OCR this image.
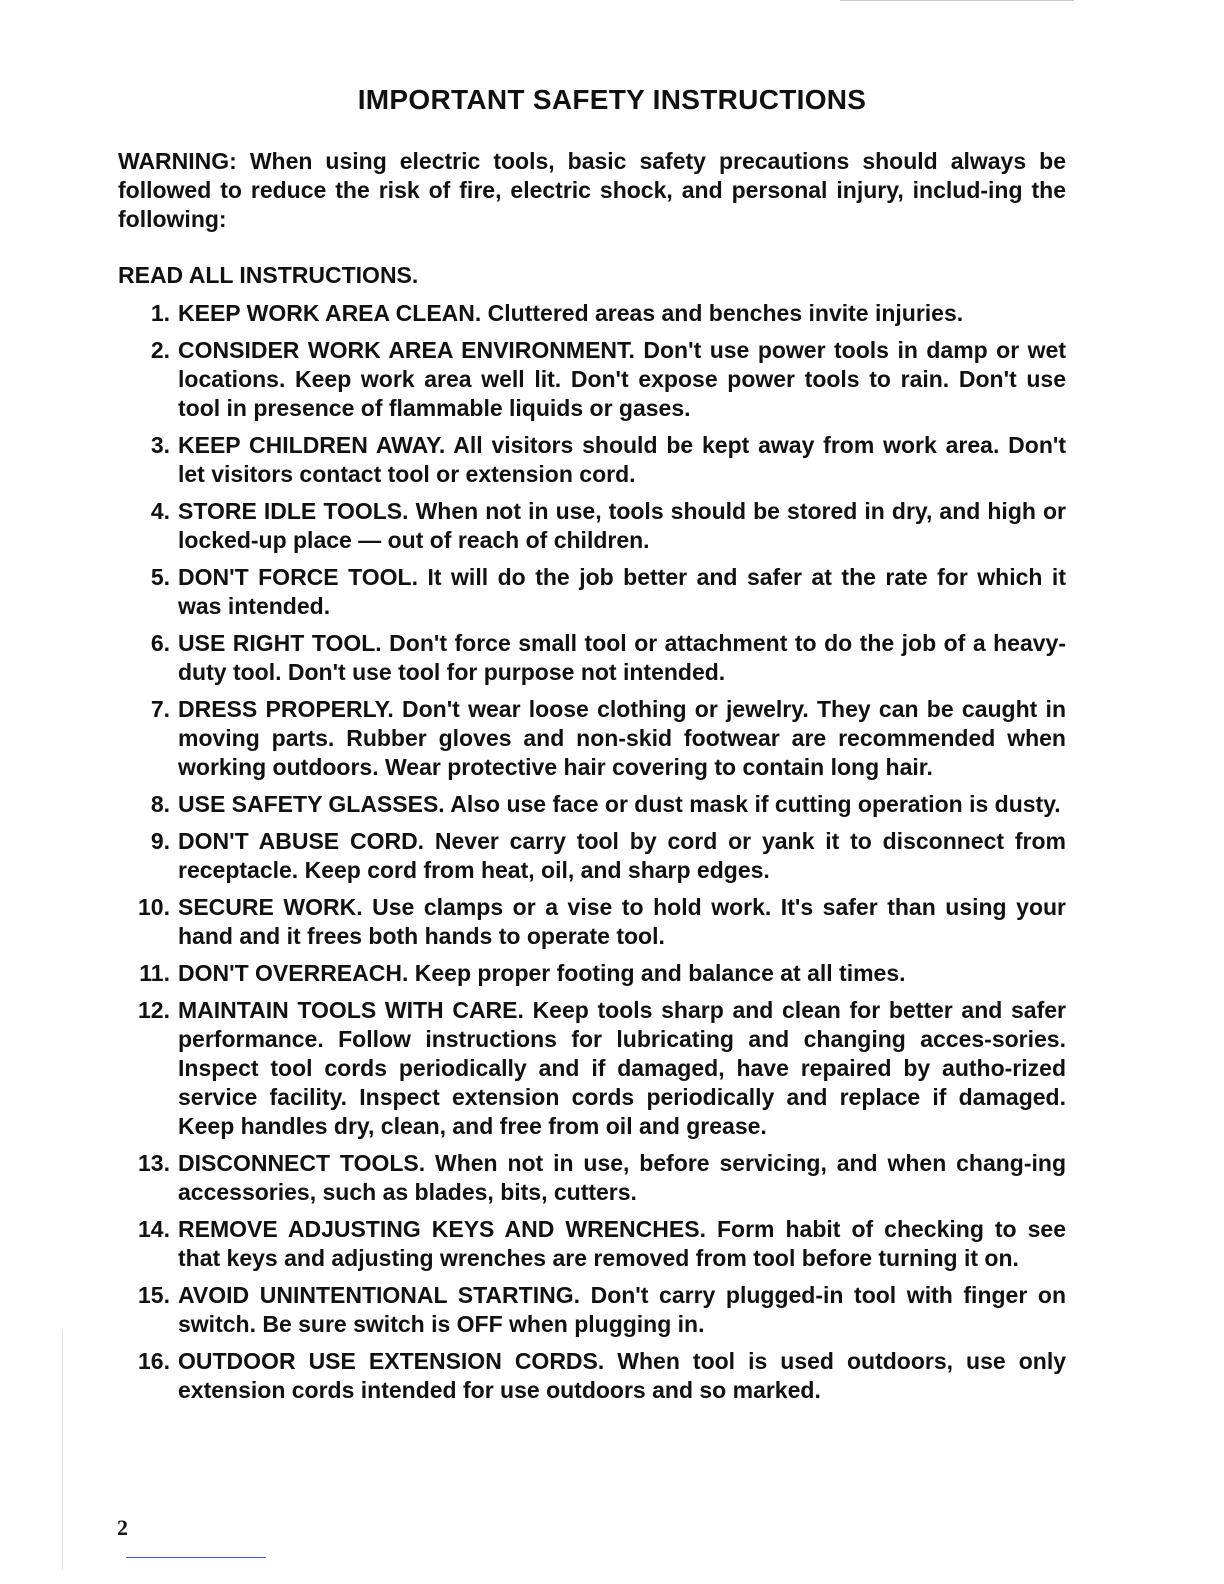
IMPORTANT SAFETY INSTRUCTIONS
WARNING: When using electric tools, basic safety precautions should always be followed to reduce the risk of fire, electric shock, and personal injury, includ-ing the following:
READ ALL INSTRUCTIONS.
1. KEEP WORK AREA CLEAN. Cluttered areas and benches invite injuries.
2. CONSIDER WORK AREA ENVIRONMENT. Don't use power tools in damp or wet locations. Keep work area well lit. Don't expose power tools to rain. Don't use tool in presence of flammable liquids or gases.
3. KEEP CHILDREN AWAY. All visitors should be kept away from work area. Don't let visitors contact tool or extension cord.
4. STORE IDLE TOOLS. When not in use, tools should be stored in dry, and high or locked-up place — out of reach of children.
5. DON'T FORCE TOOL. It will do the job better and safer at the rate for which it was intended.
6. USE RIGHT TOOL. Don't force small tool or attachment to do the job of a heavy-duty tool. Don't use tool for purpose not intended.
7. DRESS PROPERLY. Don't wear loose clothing or jewelry. They can be caught in moving parts. Rubber gloves and non-skid footwear are recommended when working outdoors. Wear protective hair covering to contain long hair.
8. USE SAFETY GLASSES. Also use face or dust mask if cutting operation is dusty.
9. DON'T ABUSE CORD. Never carry tool by cord or yank it to disconnect from receptacle. Keep cord from heat, oil, and sharp edges.
10. SECURE WORK. Use clamps or a vise to hold work. It's safer than using your hand and it frees both hands to operate tool.
11. DON'T OVERREACH. Keep proper footing and balance at all times.
12. MAINTAIN TOOLS WITH CARE. Keep tools sharp and clean for better and safer performance. Follow instructions for lubricating and changing acces-sories. Inspect tool cords periodically and if damaged, have repaired by autho-rized service facility. Inspect extension cords periodically and replace if damaged. Keep handles dry, clean, and free from oil and grease.
13. DISCONNECT TOOLS. When not in use, before servicing, and when chang-ing accessories, such as blades, bits, cutters.
14. REMOVE ADJUSTING KEYS AND WRENCHES. Form habit of checking to see that keys and adjusting wrenches are removed from tool before turning it on.
15. AVOID UNINTENTIONAL STARTING. Don't carry plugged-in tool with finger on switch. Be sure switch is OFF when plugging in.
16. OUTDOOR USE EXTENSION CORDS. When tool is used outdoors, use only extension cords intended for use outdoors and so marked.
2
